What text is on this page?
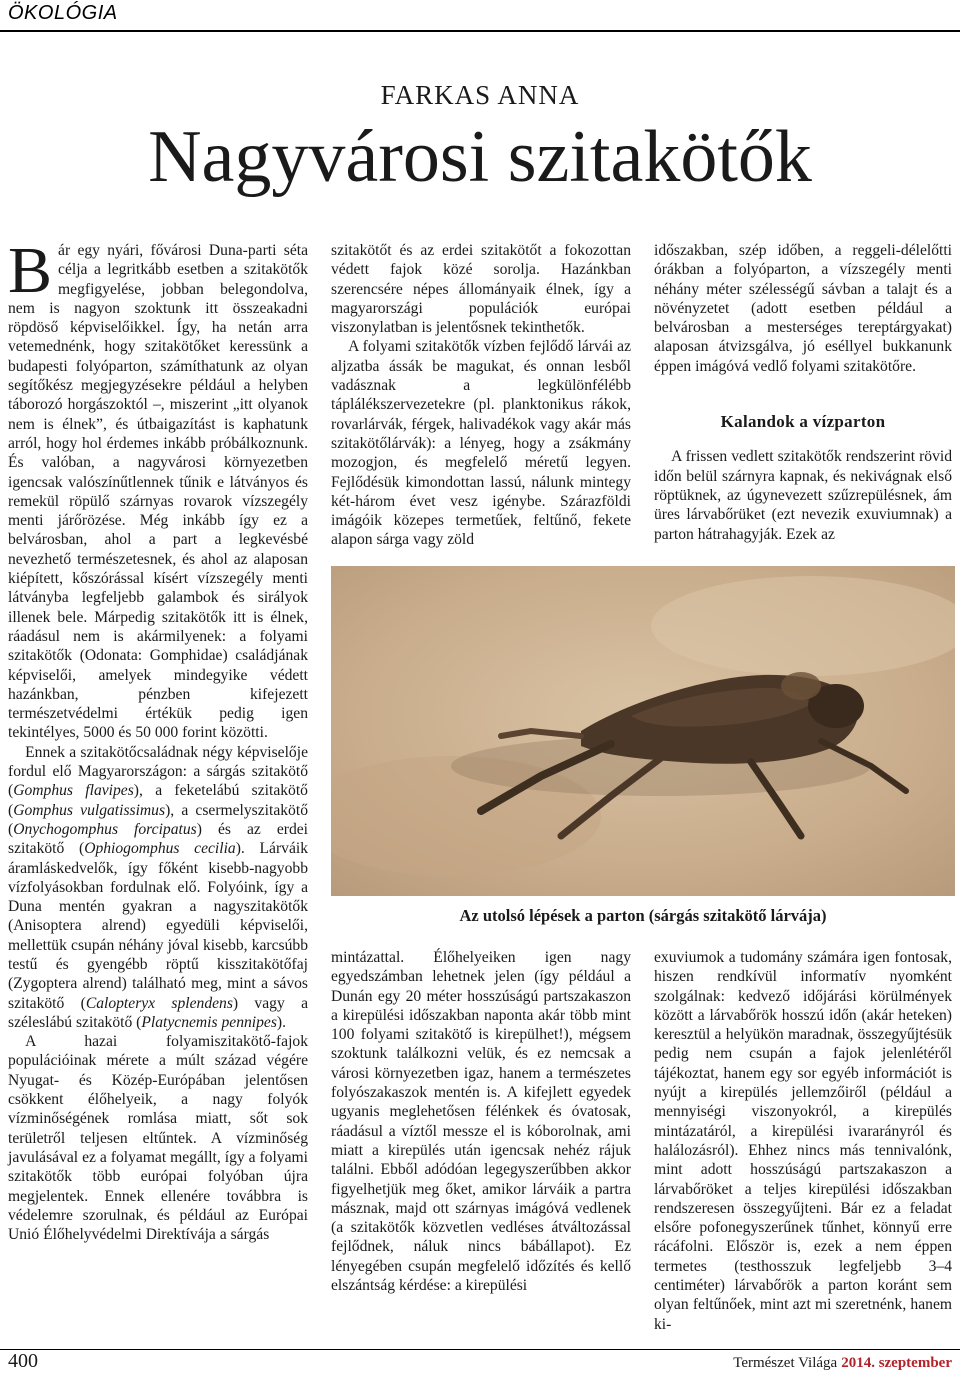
ÖKOLÓGIA
FARKAS ANNA
Nagyvárosi szitakötők

Bár egy nyári, fővárosi Duna-parti séta célja a legritkább esetben a szitakötők megfigyelése, jobban belegondolva, nem is nagyon szoktunk itt összeakadni röpdöső képviselőikkel. Így, ha netán arra vetemednénk, hogy szitakötőket keressünk a budapesti folyóparton, számíthatunk az olyan segítőkész megjegyzésekre például a helyben táborozó horgászoktól –, miszerint „itt olyanok nem is élnek”, és útbaigazítást is kaphatunk arról, hogy hol érdemes inkább próbálkoznunk. És valóban, a nagyvárosi környezetben igencsak valószínűtlennek tűnik e látványos és remekül röpülő szárnyas rovarok vízszegély menti járőrözése. Még inkább így ez a belvárosban, ahol a part a legkevésbé nevezhető természetesnek, és ahol az alaposan kiépített, kőszórással kísért vízszegély menti látványba legfeljebb galambok és sirályok illenek bele. Márpedig szitakötők itt is élnek, ráadásul nem is akármilyenek: a folyami szitakötők (Odonata: Gomphidae) családjának képviselői, amelyek mindegyike védett hazánkban, pénzben kifejezett természetvédelmi értékük pedig igen tekintélyes, 5000 és 50 000 forint közötti.

Ennek a szitakötőcsaládnak négy képviselője fordul elő Magyarországon: a sárgás szitakötő (Gomphus flavipes), a feketelábú szitakötő (Gomphus vulgatissimus), a csermelyszitakötő (Onychogomphus forcipatus) és az erdei szitakötő (Ophiogomphus cecilia). Lárváik áramláskedvelők, így főként kisebb-nagyobb vízfolyásokban fordulnak elő. Folyóink, így a Duna mentén gyakran a nagyszitakötők (Anisoptera alrend) egyedüli képviselői, mellettük csupán néhány jóval kisebb, karcsúbb testű és gyengébb röptű kisszitakötőfaj (Zygoptera alrend) található meg, mint a sávos szitakötő (Calopteryx splendens) vagy a széleslábú szitakötő (Platycnemis pennipes).

A hazai folyamiszitakötő-fajok populációinak mérete a múlt század végére Nyugat- és Közép-Európában jelentősen csökkent élőhelyeik, a nagy folyók vízminőségének romlása miatt, sőt sok területről teljesen eltűntek. A vízminőség javulásával ez a folyamat megállt, így a folyami szitakötők több európai folyóban újra megjelentek. Ennek ellenére továbbra is védelemre szorulnak, és például az Európai Unió Élőhelyvédelmi Direktívája a sárgás

szitakötőt és az erdei szitakötőt a fokozottan védett fajok közé sorolja. Hazánkban szerencsére népes állományaik élnek, így a magyarországi populációk európai viszonylatban is jelentősnek tekinthetők.

A folyami szitakötők vízben fejlődő lárvái az aljzatba ássák be magukat, és onnan lesből vadásznak a legkülönfélébb táplálékszervezetekre (pl. planktonikus rákok, rovarlárvák, férgek, halivadékok vagy akár más szitakötőlárvák): a lényeg, hogy a zsákmány mozogjon, és megfelelő méretű legyen. Fejlődésük kimondottan lassú, nálunk mintegy két-három évet vesz igénybe. Szárazföldi imágóik közepes termetűek, feltűnő, fekete alapon sárga vagy zöld

időszakban, szép időben, a reggeli-délelőtti órákban a folyóparton, a vízszegély menti néhány méter szélességű sávban a talajt és a növényzetet (adott esetben például a belvárosban a mesterséges tereptárgyakat) alaposan átvizsgálva, jó eséllyel bukkanunk éppen imágóvá vedlő folyami szitakötőre.

Kalandok a vízparton

A frissen vedlett szitakötők rendszerint rövid időn belül szárnyra kapnak, és nekivágnak első röptüknek, az úgynevezett szűzrepülésnek, ám üres lárvabőrüket (ezt nevezik exuviumnak) a parton hátrahagyják. Ezek az

Az utolsó lépések a parton (sárgás szitakötő lárvája)

mintázattal. Élőhelyeiken igen nagy egyedszámban lehetnek jelen (így például a Dunán egy 20 méter hosszúságú partszakaszon a kirepülési időszakban naponta akár több mint 100 folyami szitakötő is kirepülhet!), mégsem szoktunk találkozni velük, és ez nemcsak a városi környezetben igaz, hanem a természetes folyószakaszok mentén is. A kifejlett egyedek ugyanis meglehetősen félénkek és óvatosak, ráadásul a víztől messze el is kóborolnak, ami miatt a kirepülés után igencsak nehéz rájuk találni. Ebből adódóan legegyszerűbben akkor figyelhetjük meg őket, amikor lárváik a partra másznak, majd ott szárnyas imágóvá vedlenek (a szitakötők közvetlen vedléses átváltozással fejlődnek, náluk nincs bábállapot). Ez lényegében csupán megfelelő időzítés és kellő elszántság kérdése: a kirepülési

exuviumok a tudomány számára igen fontosak, hiszen rendkívül informatív nyomként szolgálnak: kedvező időjárási körülmények között a lárvabőrök hosszú időn (akár heteken) keresztül a helyükön maradnak, összegyűjtésük pedig nem csupán a fajok jelenlétéről tájékoztat, hanem egy sor egyéb információt is nyújt a kirepülés jellemzőiről (például a mennyiségi viszonyokról, a kirepülés mintázatáról, a kirepülési ivararányról és halálozásról). Ehhez nincs más tennivalónk, mint adott hosszúságú partszakaszon a lárvabőröket a teljes kirepülési időszakban rendszeresen összegyűjteni. Bár ez a feladat elsőre pofonegyszerűnek tűnhet, könnyű erre rácáfolni. Először is, ezek a nem éppen termetes (testhosszuk legfeljebb 3–4 centiméter) lárvabőrök a parton koránt sem olyan feltűnőek, mint azt mi szeretnénk, hanem ki-

400	Természet Világa 2014. szeptember
